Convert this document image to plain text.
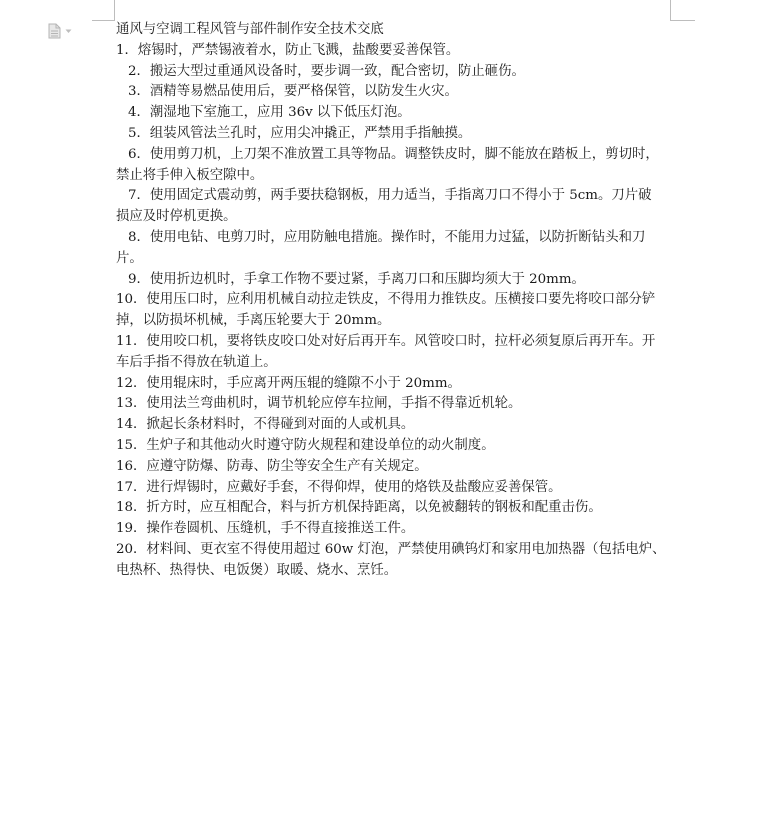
通风与空调工程风管与部件制作安全技术交底
1．熔锡时，严禁锡液着水，防止飞溅，盐酸要妥善保管。
2．搬运大型过重通风设备时，要步调一致，配合密切，防止砸伤。
3．酒精等易燃品使用后，要严格保管，以防发生火灾。
4．潮湿地下室施工，应用 36v 以下低压灯泡。
5．组装风管法兰孔时，应用尖冲撬正，严禁用手指触摸。
6．使用剪刀机，上刀架不准放置工具等物品。调整铁皮时，脚不能放在踏板上，剪切时，
禁止将手伸入板空隙中。
7．使用固定式震动剪，两手要扶稳钢板，用力适当，手指离刀口不得小于 5cm。刀片破
损应及时停机更换。
8．使用电钻、电剪刀时，应用防触电措施。操作时，不能用力过猛，以防折断钻头和刀
片。
9．使用折边机时，手拿工作物不要过紧，手离刀口和压脚均须大于 20mm。
10．使用压口时，应利用机械自动拉走铁皮，不得用力推铁皮。压横接口要先将咬口部分铲
掉，以防损坏机械，手离压轮要大于 20mm。
11．使用咬口机，要将铁皮咬口处对好后再开车。风管咬口时，拉杆必须复原后再开车。开
车后手指不得放在轨道上。
12．使用辊床时，手应离开两压辊的缝隙不小于 20mm。
13．使用法兰弯曲机时，调节机轮应停车拉闸，手指不得靠近机轮。
14．掀起长条材料时，不得碰到对面的人或机具。
15．生炉子和其他动火时遵守防火规程和建设单位的动火制度。
16．应遵守防爆、防毒、防尘等安全生产有关规定。
17．进行焊锡时，应戴好手套，不得仰焊，使用的烙铁及盐酸应妥善保管。
18．折方时，应互相配合，料与折方机保持距离，以免被翻转的钢板和配重击伤。
19．操作卷圆机、压缝机，手不得直接推送工件。
20．材料间、更衣室不得使用超过 60w 灯泡，严禁使用碘钨灯和家用电加热器（包括电炉、
电热杯、热得快、电饭煲）取暖、烧水、烹饪。
